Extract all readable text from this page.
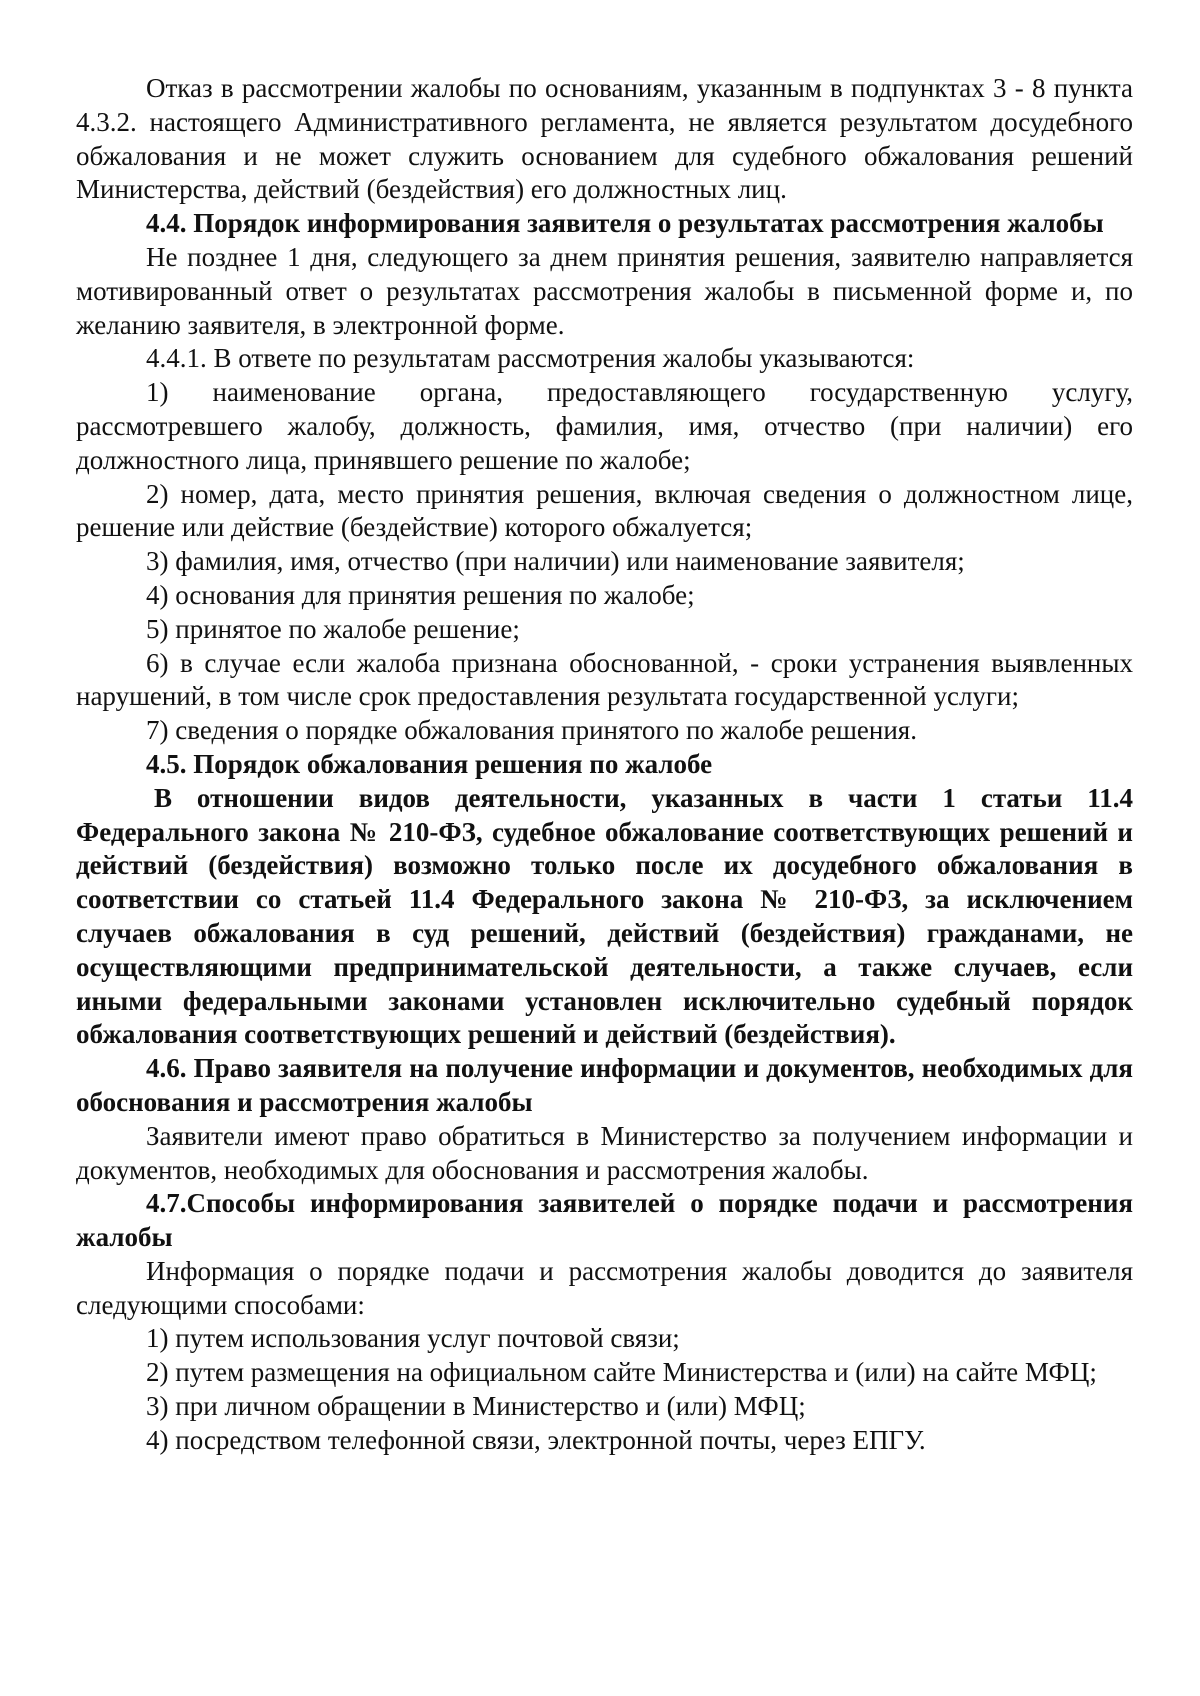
Отказ в рассмотрении жалобы по основаниям, указанным в подпунктах 3 - 8 пункта 4.3.2. настоящего Административного регламента, не является результатом досудебного обжалования и не может служить основанием для судебного обжалования решений Министерства, действий (бездействия) его должностных лиц.

4.4. Порядок информирования заявителя о результатах рассмотрения жалобы

Не позднее 1 дня, следующего за днем принятия решения, заявителю направляется мотивированный ответ о результатах рассмотрения жалобы в письменной форме и, по желанию заявителя, в электронной форме.

4.4.1. В ответе по результатам рассмотрения жалобы указываются:

1) наименование органа, предоставляющего государственную услугу, рассмотревшего жалобу, должность, фамилия, имя, отчество (при наличии) его должностного лица, принявшего решение по жалобе;

2) номер, дата, место принятия решения, включая сведения о должностном лице, решение или действие (бездействие) которого обжалуется;

3) фамилия, имя, отчество (при наличии) или наименование заявителя;

4) основания для принятия решения по жалобе;

5) принятое по жалобе решение;

6) в случае если жалоба признана обоснованной, - сроки устранения выявленных нарушений, в том числе срок предоставления результата государственной услуги;

7) сведения о порядке обжалования принятого по жалобе решения.

4.5. Порядок обжалования решения по жалобе

В отношении видов деятельности, указанных в части 1 статьи 11.4 Федерального закона № 210-ФЗ, судебное обжалование соответствующих решений и действий (бездействия) возможно только после их досудебного обжалования в соответствии со статьей 11.4 Федерального закона № 210-ФЗ, за исключением случаев обжалования в суд решений, действий (бездействия) гражданами, не осуществляющими предпринимательской деятельности, а также случаев, если иными федеральными законами установлен исключительно судебный порядок обжалования соответствующих решений и действий (бездействия).

4.6. Право заявителя на получение информации и документов, необходимых для обоснования и рассмотрения жалобы

Заявители имеют право обратиться в Министерство за получением информации и документов, необходимых для обоснования и рассмотрения жалобы.

4.7.Способы информирования заявителей о порядке подачи и рассмотрения жалобы

Информация о порядке подачи и рассмотрения жалобы доводится до заявителя следующими способами:

1) путем использования услуг почтовой связи;

2) путем размещения на официальном сайте Министерства и (или) на сайте МФЦ;

3) при личном обращении в Министерство и (или) МФЦ;

4) посредством телефонной связи, электронной почты, через ЕПГУ.
